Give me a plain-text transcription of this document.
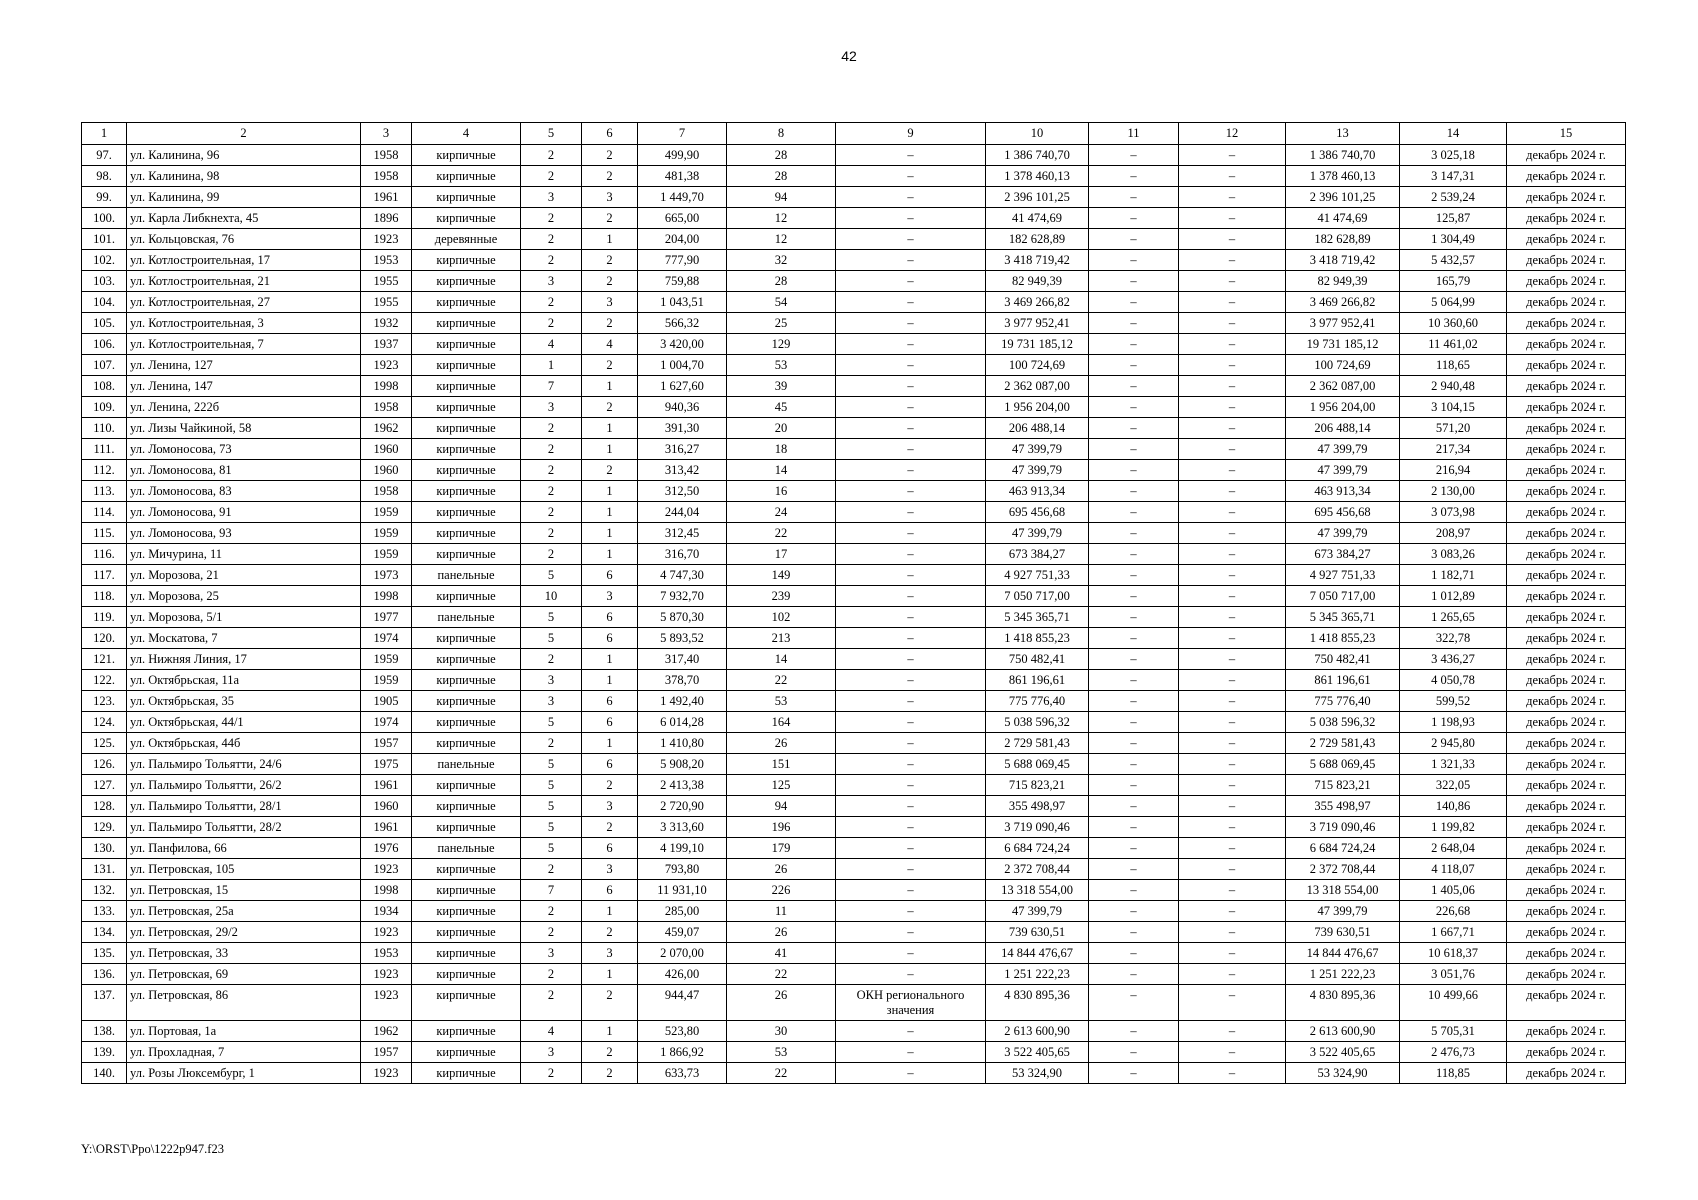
42
1	2	3	4	5	6	7	8	9	10	11	12	13	14	15
97.	ул. Калинина, 96	1958	кирпичные	2	2	499,90	28	–	1 386 740,70	–	–	1 386 740,70	3 025,18	декабрь 2024 г.
98.	ул. Калинина, 98	1958	кирпичные	2	2	481,38	28	–	1 378 460,13	–	–	1 378 460,13	3 147,31	декабрь 2024 г.
99.	ул. Калинина, 99	1961	кирпичные	3	3	1 449,70	94	–	2 396 101,25	–	–	2 396 101,25	2 539,24	декабрь 2024 г.
100.	ул. Карла Либкнехта, 45	1896	кирпичные	2	2	665,00	12	–	41 474,69	–	–	41 474,69	125,87	декабрь 2024 г.
101.	ул. Кольцовская, 76	1923	деревянные	2	1	204,00	12	–	182 628,89	–	–	182 628,89	1 304,49	декабрь 2024 г.
102.	ул. Котлостроительная, 17	1953	кирпичные	2	2	777,90	32	–	3 418 719,42	–	–	3 418 719,42	5 432,57	декабрь 2024 г.
103.	ул. Котлостроительная, 21	1955	кирпичные	3	2	759,88	28	–	82 949,39	–	–	82 949,39	165,79	декабрь 2024 г.
104.	ул. Котлостроительная, 27	1955	кирпичные	2	3	1 043,51	54	–	3 469 266,82	–	–	3 469 266,82	5 064,99	декабрь 2024 г.
105.	ул. Котлостроительная, 3	1932	кирпичные	2	2	566,32	25	–	3 977 952,41	–	–	3 977 952,41	10 360,60	декабрь 2024 г.
106.	ул. Котлостроительная, 7	1937	кирпичные	4	4	3 420,00	129	–	19 731 185,12	–	–	19 731 185,12	11 461,02	декабрь 2024 г.
107.	ул. Ленина, 127	1923	кирпичные	1	2	1 004,70	53	–	100 724,69	–	–	100 724,69	118,65	декабрь 2024 г.
108.	ул. Ленина, 147	1998	кирпичные	7	1	1 627,60	39	–	2 362 087,00	–	–	2 362 087,00	2 940,48	декабрь 2024 г.
109.	ул. Ленина, 222б	1958	кирпичные	3	2	940,36	45	–	1 956 204,00	–	–	1 956 204,00	3 104,15	декабрь 2024 г.
110.	ул. Лизы Чайкиной, 58	1962	кирпичные	2	1	391,30	20	–	206 488,14	–	–	206 488,14	571,20	декабрь 2024 г.
111.	ул. Ломоносова, 73	1960	кирпичные	2	1	316,27	18	–	47 399,79	–	–	47 399,79	217,34	декабрь 2024 г.
112.	ул. Ломоносова, 81	1960	кирпичные	2	2	313,42	14	–	47 399,79	–	–	47 399,79	216,94	декабрь 2024 г.
113.	ул. Ломоносова, 83	1958	кирпичные	2	1	312,50	16	–	463 913,34	–	–	463 913,34	2 130,00	декабрь 2024 г.
114.	ул. Ломоносова, 91	1959	кирпичные	2	1	244,04	24	–	695 456,68	–	–	695 456,68	3 073,98	декабрь 2024 г.
115.	ул. Ломоносова, 93	1959	кирпичные	2	1	312,45	22	–	47 399,79	–	–	47 399,79	208,97	декабрь 2024 г.
116.	ул. Мичурина, 11	1959	кирпичные	2	1	316,70	17	–	673 384,27	–	–	673 384,27	3 083,26	декабрь 2024 г.
117.	ул. Морозова, 21	1973	панельные	5	6	4 747,30	149	–	4 927 751,33	–	–	4 927 751,33	1 182,71	декабрь 2024 г.
118.	ул. Морозова, 25	1998	кирпичные	10	3	7 932,70	239	–	7 050 717,00	–	–	7 050 717,00	1 012,89	декабрь 2024 г.
119.	ул. Морозова, 5/1	1977	панельные	5	6	5 870,30	102	–	5 345 365,71	–	–	5 345 365,71	1 265,65	декабрь 2024 г.
120.	ул. Москатова, 7	1974	кирпичные	5	6	5 893,52	213	–	1 418 855,23	–	–	1 418 855,23	322,78	декабрь 2024 г.
121.	ул. Нижняя Линия, 17	1959	кирпичные	2	1	317,40	14	–	750 482,41	–	–	750 482,41	3 436,27	декабрь 2024 г.
122.	ул. Октябрьская, 11а	1959	кирпичные	3	1	378,70	22	–	861 196,61	–	–	861 196,61	4 050,78	декабрь 2024 г.
123.	ул. Октябрьская, 35	1905	кирпичные	3	6	1 492,40	53	–	775 776,40	–	–	775 776,40	599,52	декабрь 2024 г.
124.	ул. Октябрьская, 44/1	1974	кирпичные	5	6	6 014,28	164	–	5 038 596,32	–	–	5 038 596,32	1 198,93	декабрь 2024 г.
125.	ул. Октябрьская, 44б	1957	кирпичные	2	1	1 410,80	26	–	2 729 581,43	–	–	2 729 581,43	2 945,80	декабрь 2024 г.
126.	ул. Пальмиро Тольятти, 24/6	1975	панельные	5	6	5 908,20	151	–	5 688 069,45	–	–	5 688 069,45	1 321,33	декабрь 2024 г.
127.	ул. Пальмиро Тольятти, 26/2	1961	кирпичные	5	2	2 413,38	125	–	715 823,21	–	–	715 823,21	322,05	декабрь 2024 г.
128.	ул. Пальмиро Тольятти, 28/1	1960	кирпичные	5	3	2 720,90	94	–	355 498,97	–	–	355 498,97	140,86	декабрь 2024 г.
129.	ул. Пальмиро Тольятти, 28/2	1961	кирпичные	5	2	3 313,60	196	–	3 719 090,46	–	–	3 719 090,46	1 199,82	декабрь 2024 г.
130.	ул. Панфилова, 66	1976	панельные	5	6	4 199,10	179	–	6 684 724,24	–	–	6 684 724,24	2 648,04	декабрь 2024 г.
131.	ул. Петровская, 105	1923	кирпичные	2	3	793,80	26	–	2 372 708,44	–	–	2 372 708,44	4 118,07	декабрь 2024 г.
132.	ул. Петровская, 15	1998	кирпичные	7	6	11 931,10	226	–	13 318 554,00	–	–	13 318 554,00	1 405,06	декабрь 2024 г.
133.	ул. Петровская, 25а	1934	кирпичные	2	1	285,00	11	–	47 399,79	–	–	47 399,79	226,68	декабрь 2024 г.
134.	ул. Петровская, 29/2	1923	кирпичные	2	2	459,07	26	–	739 630,51	–	–	739 630,51	1 667,71	декабрь 2024 г.
135.	ул. Петровская, 33	1953	кирпичные	3	3	2 070,00	41	–	14 844 476,67	–	–	14 844 476,67	10 618,37	декабрь 2024 г.
136.	ул. Петровская, 69	1923	кирпичные	2	1	426,00	22	–	1 251 222,23	–	–	1 251 222,23	3 051,76	декабрь 2024 г.
137.	ул. Петровская, 86	1923	кирпичные	2	2	944,47	26	ОКН регионального значения	4 830 895,36	–	–	4 830 895,36	10 499,66	декабрь 2024 г.
138.	ул. Портовая, 1а	1962	кирпичные	4	1	523,80	30	–	2 613 600,90	–	–	2 613 600,90	5 705,31	декабрь 2024 г.
139.	ул. Прохладная, 7	1957	кирпичные	3	2	1 866,92	53	–	3 522 405,65	–	–	3 522 405,65	2 476,73	декабрь 2024 г.
140.	ул. Розы Люксембург, 1	1923	кирпичные	2	2	633,73	22	–	53 324,90	–	–	53 324,90	118,85	декабрь 2024 г.
Y:\ORST\Ppo\1222p947.f23
